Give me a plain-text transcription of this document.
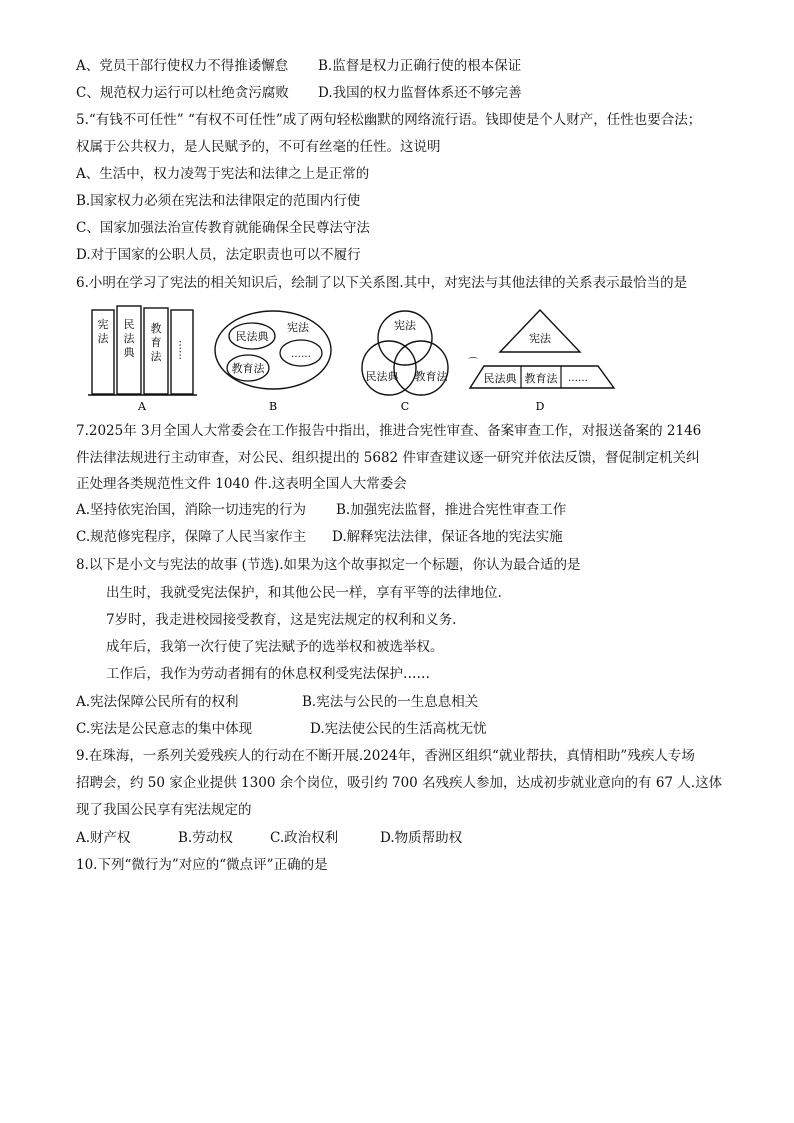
A、党员干部行使权力不得推诿懈怠 B.监督是权力正确行使的根本保证
C、规范权力运行可以杜绝贪污腐败 D.我国的权力监督体系还不够完善
5.“有钱不可任性” “有权不可任性”成了两句轻松幽默的网络流行语。钱即使是个人财产，任性也要合法；
权属于公共权力，是人民赋予的，不可有丝毫的任性。这说明
A、生活中，权力凌驾于宪法和法律之上是正常的
B.国家权力必须在宪法和法律限定的范围内行使
C、国家加强法治宣传教育就能确保全民尊法守法
D.对于国家的公职人员，法定职责也可以不履行
6.小明在学习了宪法的相关知识后，绘制了以下关系图.其中，对宪法与其他法律的关系表示最恰当的是
宪法
民法典
教育法 ……
A
民法典
宪法
教育法
……
B
宪法
民法典 教育法
C
⌒
宪法
民法典 教育法 ……
D
7.2025年 3月全国人大常委会在工作报告中指出，推进合宪性审查、备案审查工作，对报送备案的 2146
件法律法规进行主动审查，对公民、组织提出的 5682 件审查建议逐一研究并依法反馈，督促制定机关纠
正处理各类规范性文件 1040 件.这表明全国人大常委会
A.坚持依宪治国，消除一切违宪的行为 B.加强宪法监督，推进合宪性审查工作
C.规范修宪程序，保障了人民当家作主 D.解释宪法法律，保证各地的宪法实施
8.以下是小文与宪法的故事 (节选).如果为这个故事拟定一个标题，你认为最合适的是
出生时，我就受宪法保护，和其他公民一样，享有平等的法律地位.
7岁时，我走进校园接受教育，这是宪法规定的权利和义务.
成年后，我第一次行使了宪法赋予的选举权和被选举权。
工作后，我作为劳动者拥有的休息权利受宪法保护……
A.宪法保障公民所有的权利	B.宪法与公民的一生息息相关
C.宪法是公民意志的集中体现	D.宪法使公民的生活高枕无忧
9.在珠海，一系列关爱残疾人的行动在不断开展.2024年，香洲区组织“就业帮扶，真情相助”残疾人专场
招聘会，约 50 家企业提供 1300 余个岗位，吸引约 700 名残疾人参加，达成初步就业意向的有 67 人.这体
现了我国公民享有宪法规定的
A.财产权	B.劳动权	C.政治权利	D.物质帮助权
10.下列“微行为”对应的“微点评”正确的是
